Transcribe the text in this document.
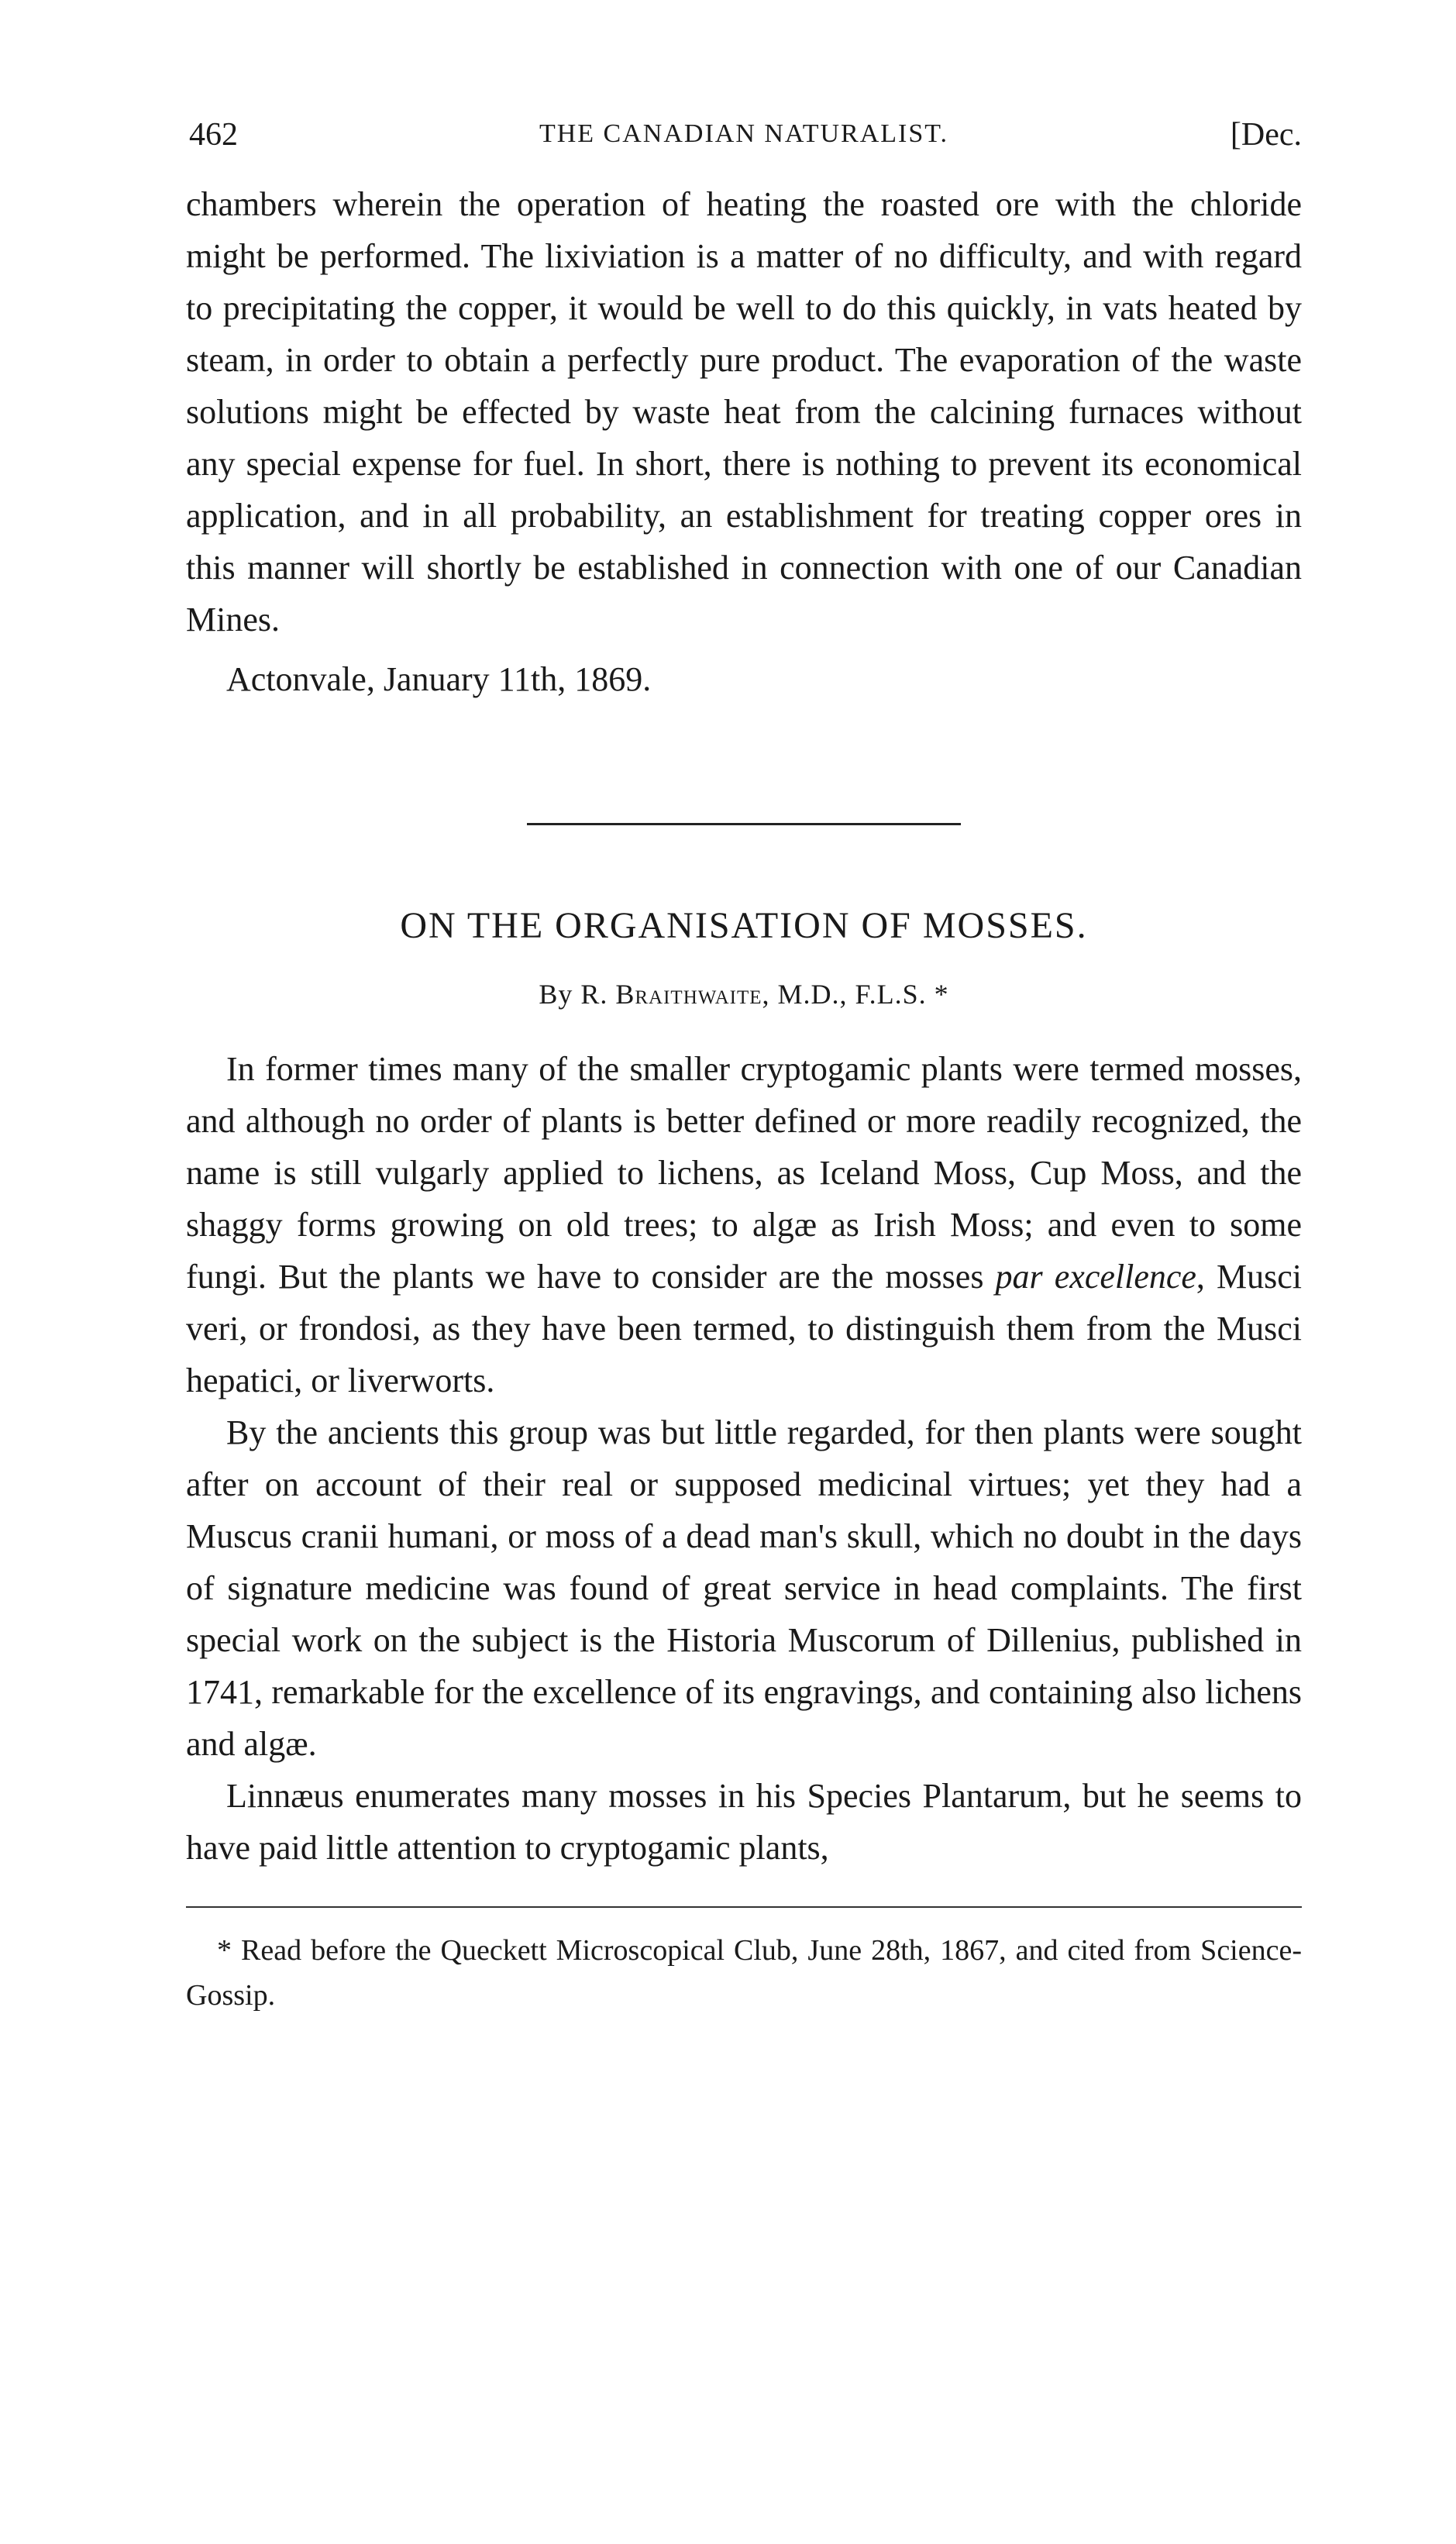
462	THE CANADIAN NATURALIST.	[Dec.

chambers wherein the operation of heating the roasted ore with the chloride might be performed. The lixiviation is a matter of no difficulty, and with regard to precipitating the copper, it would be well to do this quickly, in vats heated by steam, in order to obtain a perfectly pure product. The evaporation of the waste solutions might be effected by waste heat from the calcining furnaces without any special expense for fuel. In short, there is nothing to prevent its economical application, and in all probability, an establishment for treating copper ores in this manner will shortly be established in connection with one of our Canadian Mines.

Actonvale, January 11th, 1869.
ON THE ORGANISATION OF MOSSES.
By R. Braithwaite, M.D., F.L.S. *

In former times many of the smaller cryptogamic plants were termed mosses, and although no order of plants is better defined or more readily recognized, the name is still vulgarly applied to lichens, as Iceland Moss, Cup Moss, and the shaggy forms growing on old trees; to algæ as Irish Moss; and even to some fungi. But the plants we have to consider are the mosses par excellence, Musci veri, or frondosi, as they have been termed, to distinguish them from the Musci hepatici, or liverworts.

By the ancients this group was but little regarded, for then plants were sought after on account of their real or supposed medicinal virtues; yet they had a Muscus cranii humani, or moss of a dead man's skull, which no doubt in the days of signature medicine was found of great service in head complaints. The first special work on the subject is the Historia Muscorum of Dillenius, published in 1741, remarkable for the excellence of its engravings, and containing also lichens and algæ.

Linnæus enumerates many mosses in his Species Plantarum, but he seems to have paid little attention to cryptogamic plants,

* Read before the Queckett Microscopical Club, June 28th, 1867, and cited from Science-Gossip.
